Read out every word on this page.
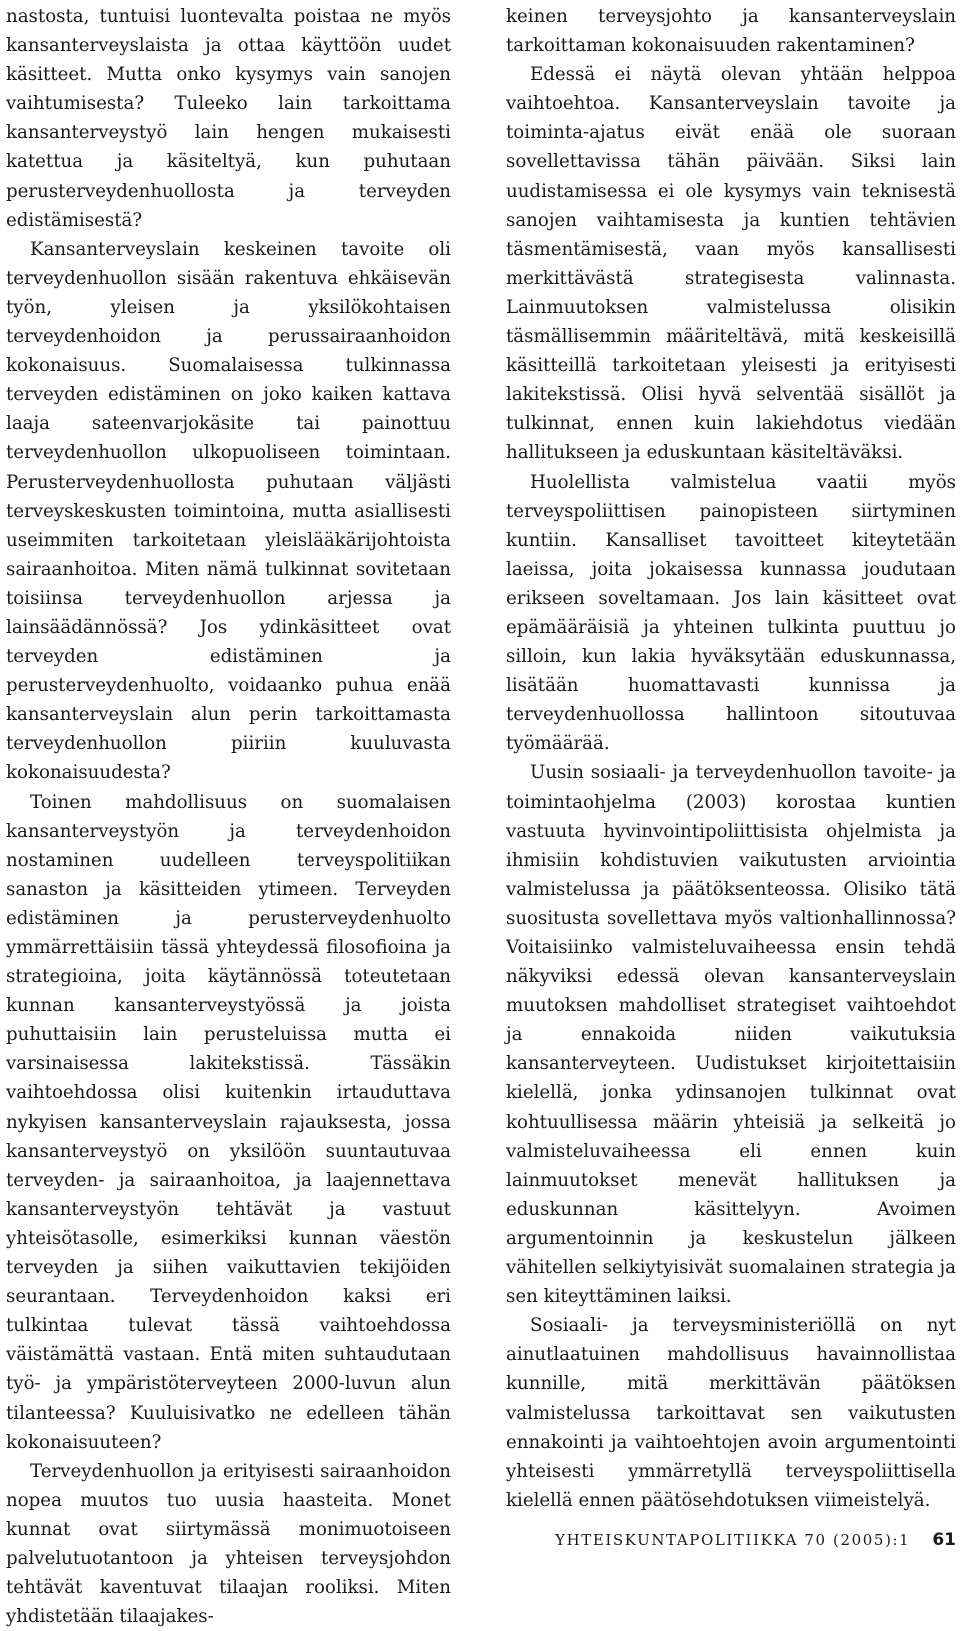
nastosta, tuntuisi luontevalta poistaa ne myös kansanterveyslaista ja ottaa käyttöön uudet käsitteet. Mutta onko kysymys vain sanojen vaihtumisesta? Tuleeko lain tarkoittama kansanterveystyö lain hengen mukaisesti katettua ja käsiteltyä, kun puhutaan perusterveydenhuollosta ja terveyden edistämisestä?

Kansanterveyslain keskeinen tavoite oli terveydenhuollon sisään rakentuva ehkäisevän työn, yleisen ja yksilökohtaisen terveydenhoidon ja perussairaanhoidon kokonaisuus. Suomalaisessa tulkinnassa terveyden edistäminen on joko kaiken kattava laaja sateenvarjokäsite tai painottuu terveydenhuollon ulkopuoliseen toimintaan. Perusterveydenhuollosta puhutaan väljästi terveyskeskusten toimintoina, mutta asiallisesti useimmiten tarkoitetaan yleislääkärijohtoista sairaanhoitoa. Miten nämä tulkinnat sovitetaan toisiinsa terveydenhuollon arjessa ja lainsäädännössä? Jos ydinkäsitteet ovat terveyden edistäminen ja perusterveydenhuolto, voidaanko puhua enää kansanterveyslain alun perin tarkoittamasta terveydenhuollon piiriin kuuluvasta kokonaisuudesta?

Toinen mahdollisuus on suomalaisen kansanterveystyön ja terveydenhoidon nostaminen uudelleen terveyspolitiikan sanaston ja käsitteiden ytimeen. Terveyden edistäminen ja perusterveydenhuolto ymmärrettäisiin tässä yhteydessä filosofioina ja strategioina, joita käytännössä toteutetaan kunnan kansanterveystyössä ja joista puhuttaisiin lain perusteluissa mutta ei varsinaisessa lakitekstissä. Tässäkin vaihtoehdossa olisi kuitenkin irtauduttava nykyisen kansanterveyslain rajauksesta, jossa kansanterveystyö on yksilöön suuntautuvaa terveyden- ja sairaanhoitoa, ja laajennettava kansanterveystyön tehtävät ja vastuut yhteisötasolle, esimerkiksi kunnan väestön terveyden ja siihen vaikuttavien tekijöiden seurantaan. Terveydenhoidon kaksi eri tulkintaa tulevat tässä vaihtoehdossa väistämättä vastaan. Entä miten suhtaudutaan työ- ja ympäristöterveyteen 2000-luvun alun tilanteessa? Kuuluisivatko ne edelleen tähän kokonaisuuteen?

Terveydenhuollon ja erityisesti sairaanhoidon nopea muutos tuo uusia haasteita. Monet kunnat ovat siirtymässä monimuotoiseen palvelutuotantoon ja yhteisen terveysjohdon tehtävät kaventuvat tilaajan rooliksi. Miten yhdistetään tilaajakes-

keinen terveysjohto ja kansanterveyslain tarkoittaman kokonaisuuden rakentaminen?

Edessä ei näytä olevan yhtään helppoa vaihtoehtoa. Kansanterveyslain tavoite ja toiminta-ajatus eivät enää ole suoraan sovellettavissa tähän päivään. Siksi lain uudistamisessa ei ole kysymys vain teknisestä sanojen vaihtamisesta ja kuntien tehtävien täsmentämisestä, vaan myös kansallisesti merkittävästä strategisesta valinnasta. Lainmuutoksen valmistelussa olisikin täsmällisemmin määriteltävä, mitä keskeisillä käsitteillä tarkoitetaan yleisesti ja erityisesti lakitekstissä. Olisi hyvä selventää sisällöt ja tulkinnat, ennen kuin lakiehdotus viedään hallitukseen ja eduskuntaan käsiteltäväksi.

Huolellista valmistelua vaatii myös terveyspoliittisen painopisteen siirtyminen kuntiin. Kansalliset tavoitteet kiteytetään laeissa, joita jokaisessa kunnassa joudutaan erikseen soveltamaan. Jos lain käsitteet ovat epämääräisiä ja yhteinen tulkinta puuttuu jo silloin, kun lakia hyväksytään eduskunnassa, lisätään huomattavasti kunnissa ja terveydenhuollossa hallintoon sitoutuvaa työmäärää.

Uusin sosiaali- ja terveydenhuollon tavoite- ja toimintaohjelma (2003) korostaa kuntien vastuuta hyvinvointipoliittisista ohjelmista ja ihmisiin kohdistuvien vaikutusten arviointia valmistelussa ja päätöksenteossa. Olisiko tätä suositusta sovellettava myös valtionhallinnossa? Voitaisiinko valmisteluvaiheessa ensin tehdä näkyviksi edessä olevan kansanterveyslain muutoksen mahdolliset strategiset vaihtoehdot ja ennakoida niiden vaikutuksia kansanterveyteen. Uudistukset kirjoitettaisiin kielellä, jonka ydinsanojen tulkinnat ovat kohtuullisessa määrin yhteisiä ja selkeitä jo valmisteluvaiheessa eli ennen kuin lainmuutokset menevät hallituksen ja eduskunnan käsittelyyn. Avoimen argumentoinnin ja keskustelun jälkeen vähitellen selkiytyisivät suomalainen strategia ja sen kiteyttäminen laiksi.

Sosiaali- ja terveysministeriöllä on nyt ainutlaatuinen mahdollisuus havainnollistaa kunnille, mitä merkittävän päätöksen valmistelussa tarkoittavat sen vaikutusten ennakointi ja vaihtoehtojen avoin argumentointi yhteisesti ymmärretyllä terveyspoliittisella kielellä ennen päätösehdotuksen viimeistelyä.

YHTEISKUNTAPOLITIIKKA 70 (2005):1 61
